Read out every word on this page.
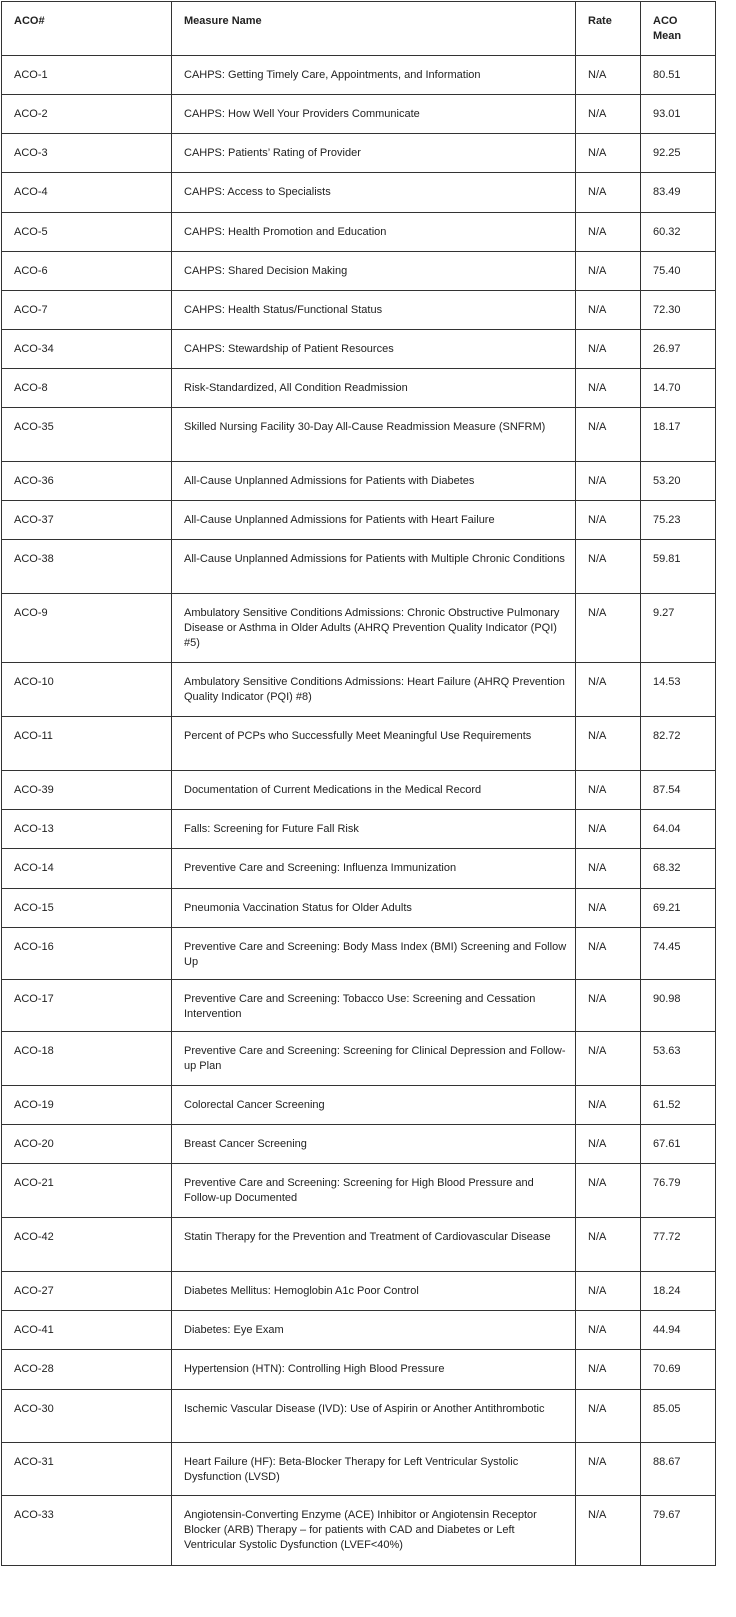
ACO#	Measure Name	Rate	ACO Mean
ACO-1	CAHPS: Getting Timely Care, Appointments, and Information	N/A	80.51
ACO-2	CAHPS: How Well Your Providers Communicate	N/A	93.01
ACO-3	CAHPS: Patients’ Rating of Provider	N/A	92.25
ACO-4	CAHPS: Access to Specialists	N/A	83.49
ACO-5	CAHPS: Health Promotion and Education	N/A	60.32
ACO-6	CAHPS: Shared Decision Making	N/A	75.40
ACO-7	CAHPS: Health Status/Functional Status	N/A	72.30
ACO-34	CAHPS: Stewardship of Patient Resources	N/A	26.97
ACO-8	Risk-Standardized, All Condition Readmission	N/A	14.70
ACO-35	Skilled Nursing Facility 30-Day All-Cause Readmission Measure (SNFRM)	N/A	18.17
ACO-36	All-Cause Unplanned Admissions for Patients with Diabetes	N/A	53.20
ACO-37	All-Cause Unplanned Admissions for Patients with Heart Failure	N/A	75.23
ACO-38	All-Cause Unplanned Admissions for Patients with Multiple Chronic Conditions	N/A	59.81
ACO-9	Ambulatory Sensitive Conditions Admissions: Chronic Obstructive Pulmonary Disease or Asthma in Older Adults (AHRQ Prevention Quality Indicator (PQI) #5)	N/A	9.27
ACO-10	Ambulatory Sensitive Conditions Admissions: Heart Failure (AHRQ Prevention Quality Indicator (PQI) #8)	N/A	14.53
ACO-11	Percent of PCPs who Successfully Meet Meaningful Use Requirements	N/A	82.72
ACO-39	Documentation of Current Medications in the Medical Record	N/A	87.54
ACO-13	Falls: Screening for Future Fall Risk	N/A	64.04
ACO-14	Preventive Care and Screening: Influenza Immunization	N/A	68.32
ACO-15	Pneumonia Vaccination Status for Older Adults	N/A	69.21
ACO-16	Preventive Care and Screening: Body Mass Index (BMI) Screening and Follow Up	N/A	74.45
ACO-17	Preventive Care and Screening: Tobacco Use: Screening and Cessation Intervention	N/A	90.98
ACO-18	Preventive Care and Screening: Screening for Clinical Depression and Follow-up Plan	N/A	53.63
ACO-19	Colorectal Cancer Screening	N/A	61.52
ACO-20	Breast Cancer Screening	N/A	67.61
ACO-21	Preventive Care and Screening: Screening for High Blood Pressure and Follow-up Documented	N/A	76.79
ACO-42	Statin Therapy for the Prevention and Treatment of Cardiovascular Disease	N/A	77.72
ACO-27	Diabetes Mellitus: Hemoglobin A1c Poor Control	N/A	18.24
ACO-41	Diabetes: Eye Exam	N/A	44.94
ACO-28	Hypertension (HTN): Controlling High Blood Pressure	N/A	70.69
ACO-30	Ischemic Vascular Disease (IVD): Use of Aspirin or Another Antithrombotic	N/A	85.05
ACO-31	Heart Failure (HF): Beta-Blocker Therapy for Left Ventricular Systolic Dysfunction (LVSD)	N/A	88.67
ACO-33	Angiotensin-Converting Enzyme (ACE) Inhibitor or Angiotensin Receptor Blocker (ARB) Therapy – for patients with CAD and Diabetes or Left Ventricular Systolic Dysfunction (LVEF<40%)	N/A	79.67
